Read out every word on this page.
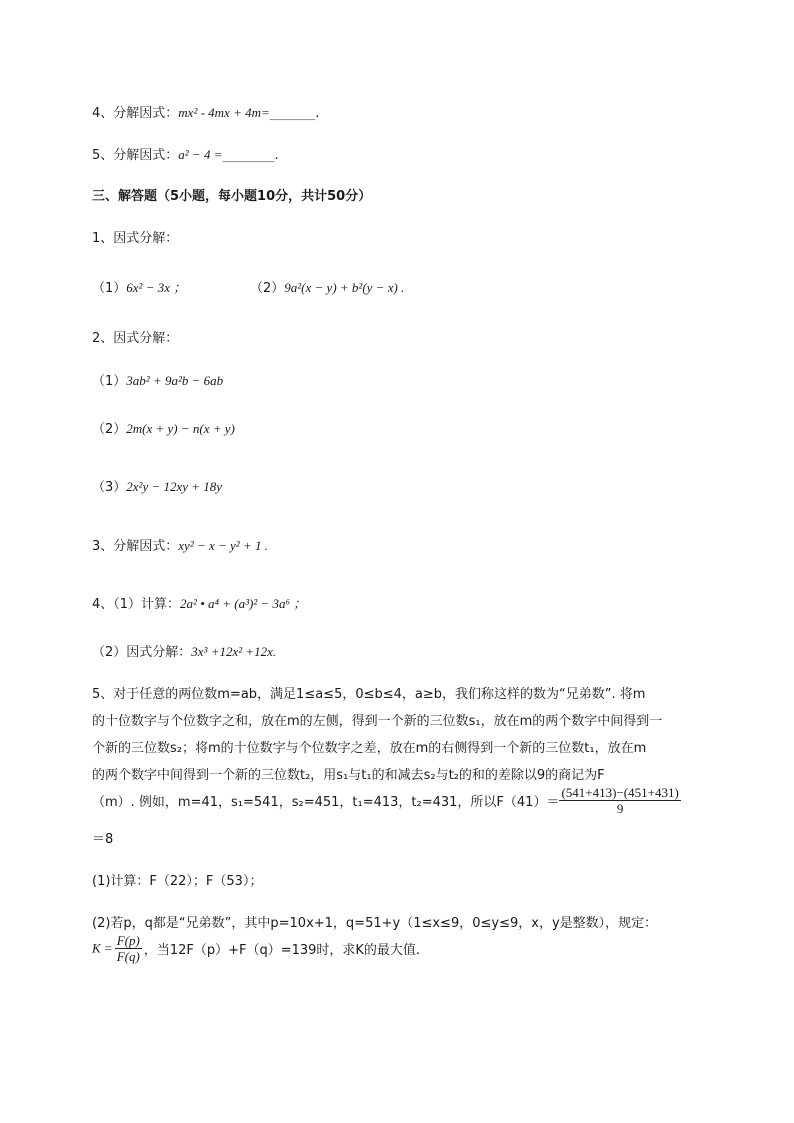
4、分解因式：mx² - 4mx + 4m=_______.
5、分解因式：a² − 4 =________.
三、解答题（5小题，每小题10分，共计50分）
1、因式分解：
（1）6x² − 3x ；	（2）9a²(x − y) + b²(y − x) .
2、因式分解：
（1）3ab² + 9a²b − 6ab
（2）2m(x + y) − n(x + y)
（3）2x²y − 12xy + 18y
3、分解因式：xy² − x − y² + 1 .
4、（1）计算：2a² • a⁴ + (a³)² − 3a⁶ ；
（2）因式分解：3x³ +12x² +12x.
5、对于任意的两位数m=ab，满足1≤a≤5，0≤b≤4，a≥b，我们称这样的数为“兄弟数”. 将m
的十位数字与个位数字之和，放在m的左侧，得到一个新的三位数s₁，放在m的两个数字中间得到一
个新的三位数s₂；将m的十位数字与个位数字之差，放在m的右侧得到一个新的三位数t₁，放在m
的两个数字中间得到一个新的三位数t₂，用s₁与t₁的和减去s₂与t₂的和的差除以9的商记为F
（m）. 例如，m=41，s₁=541，s₂=451，t₁=413，t₂=431，所以$F(41)= \frac{(541+413)-(451+431)}{9}$
＝8
(1)计算：F（22）；F（53）；
(2)若p，q都是“兄弟数”，其中p=10x+1，q=51+y（1≤x≤9，0≤y≤9，x，y是整数），规定：
$K = \frac{F(p)}{F(q)}$ ，当12F（p）+F（q）=139时，求K的最大值.
